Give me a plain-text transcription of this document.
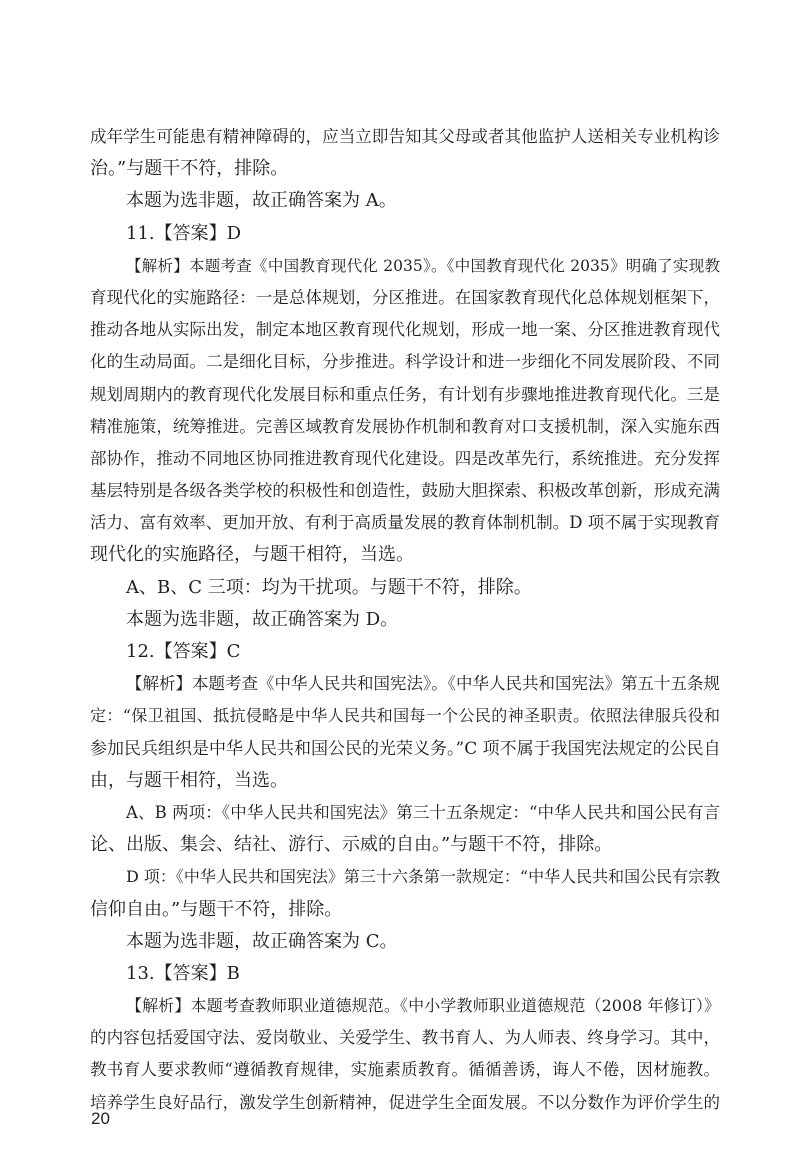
成年学生可能患有精神障碍的，应当立即告知其父母或者其他监护人送相关专业机构诊
治。”与题干不符，排除。
本题为选非题，故正确答案为 A。
11.【答案】D
【解析】本题考查《中国教育现代化 2035》。《中国教育现代化 2035》明确了实现教
育现代化的实施路径：一是总体规划，分区推进。在国家教育现代化总体规划框架下，
推动各地从实际出发，制定本地区教育现代化规划，形成一地一案、分区推进教育现代
化的生动局面。二是细化目标，分步推进。科学设计和进一步细化不同发展阶段、不同
规划周期内的教育现代化发展目标和重点任务，有计划有步骤地推进教育现代化。三是
精准施策，统筹推进。完善区域教育发展协作机制和教育对口支援机制，深入实施东西
部协作，推动不同地区协同推进教育现代化建设。四是改革先行，系统推进。充分发挥
基层特别是各级各类学校的积极性和创造性，鼓励大胆探索、积极改革创新，形成充满
活力、富有效率、更加开放、有利于高质量发展的教育体制机制。D 项不属于实现教育
现代化的实施路径，与题干相符，当选。
A、B、C 三项：均为干扰项。与题干不符，排除。
本题为选非题，故正确答案为 D。
12.【答案】C
【解析】本题考查《中华人民共和国宪法》。《中华人民共和国宪法》第五十五条规
定：“保卫祖国、抵抗侵略是中华人民共和国每一个公民的神圣职责。依照法律服兵役和
参加民兵组织是中华人民共和国公民的光荣义务。”C 项不属于我国宪法规定的公民自
由，与题干相符，当选。
A、B 两项：《中华人民共和国宪法》第三十五条规定：“中华人民共和国公民有言
论、出版、集会、结社、游行、示威的自由。”与题干不符，排除。
D 项：《中华人民共和国宪法》第三十六条第一款规定：“中华人民共和国公民有宗教
信仰自由。”与题干不符，排除。
本题为选非题，故正确答案为 C。
13.【答案】B
【解析】本题考查教师职业道德规范。《中小学教师职业道德规范（2008 年修订）》
的内容包括爱国守法、爱岗敬业、关爱学生、教书育人、为人师表、终身学习。其中，
教书育人要求教师“遵循教育规律，实施素质教育。循循善诱，诲人不倦，因材施教。
培养学生良好品行，激发学生创新精神，促进学生全面发展。不以分数作为评价学生的
20
